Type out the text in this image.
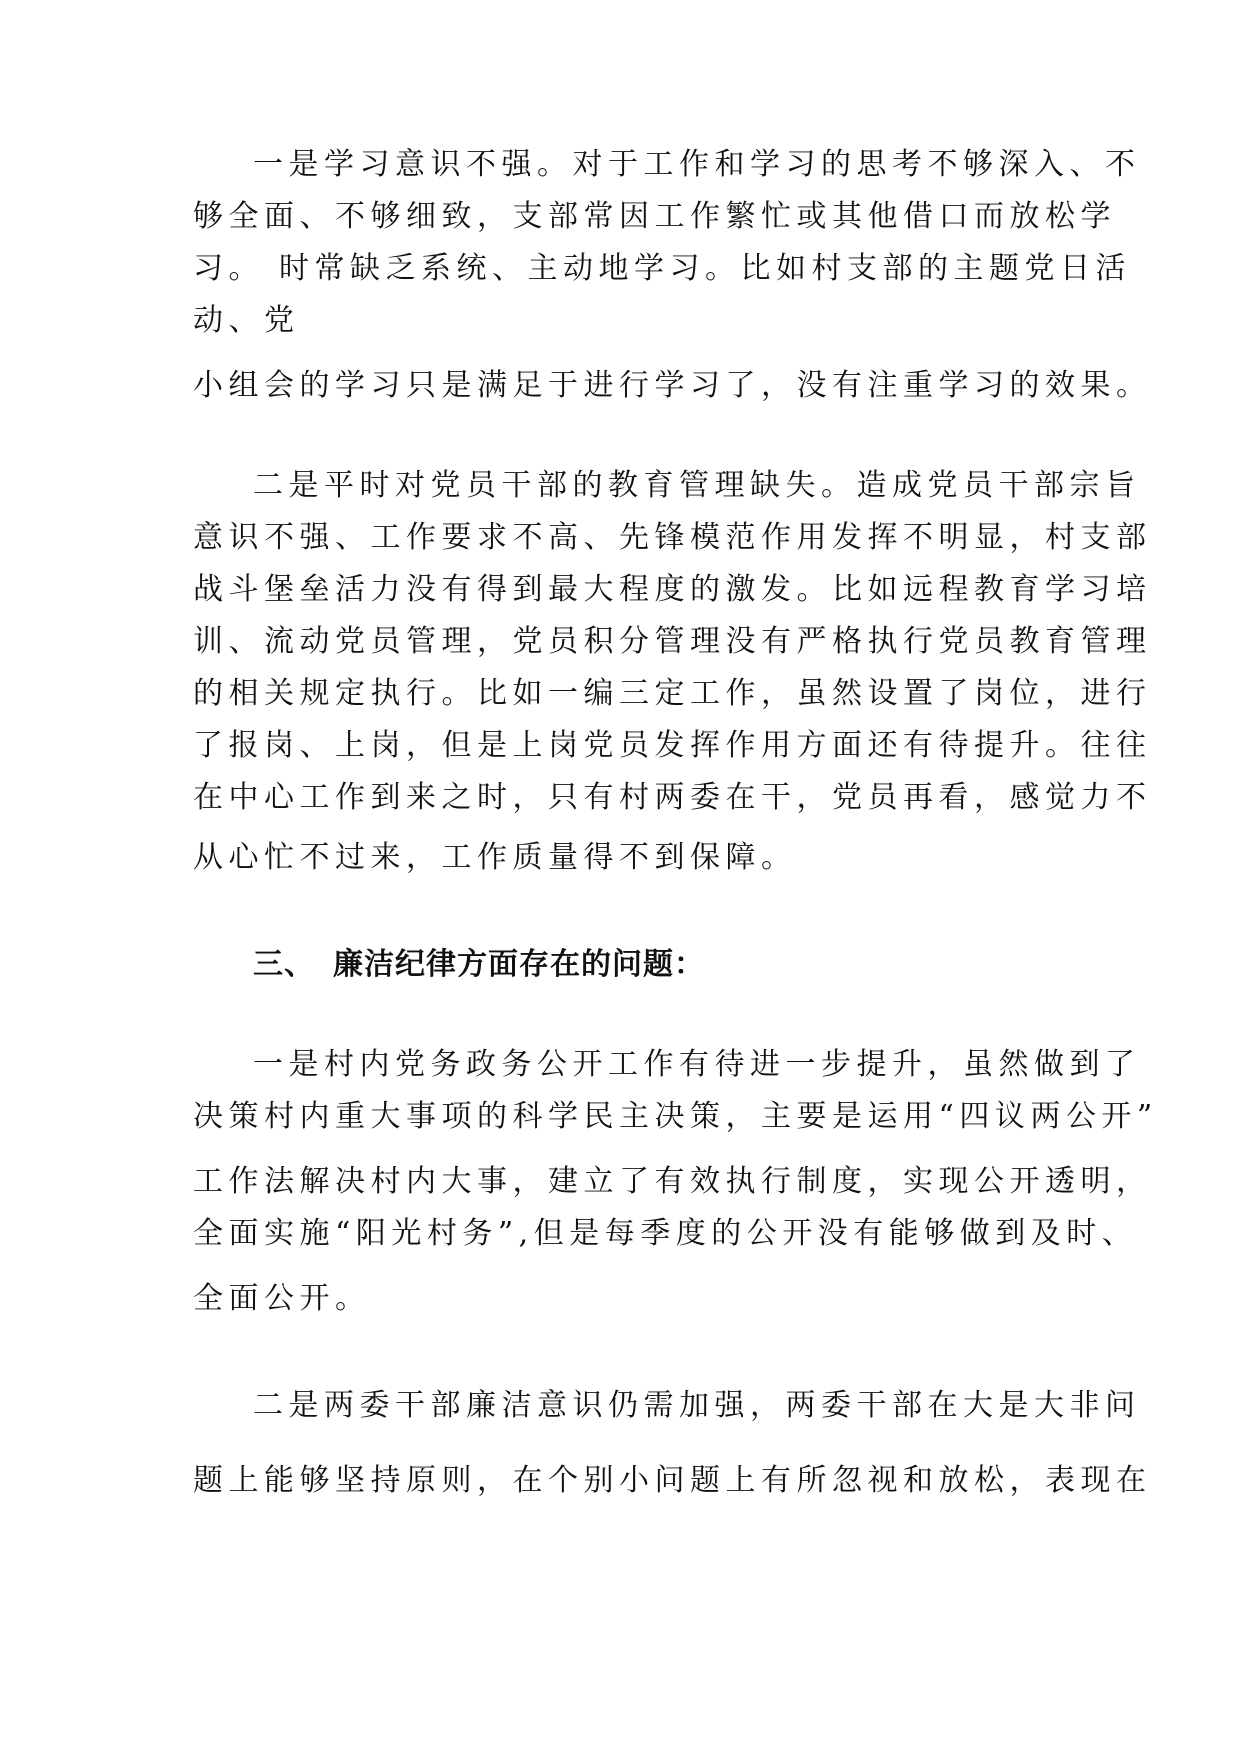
一是学习意识不强。对于工作和学习的思考不够深入、不
够全面、不够细致，支部常因工作繁忙或其他借口而放松学
习。 时常缺乏系统、主动地学习。比如村支部的主题党日活
动、党
小组会的学习只是满足于进行学习了，没有注重学习的效果。
二是平时对党员干部的教育管理缺失。造成党员干部宗旨
意识不强、工作要求不高、先锋模范作用发挥不明显，村支部
战斗堡垒活力没有得到最大程度的激发。比如远程教育学习培
训、流动党员管理，党员积分管理没有严格执行党员教育管理
的相关规定执行。比如一编三定工作，虽然设置了岗位，进行
了报岗、上岗，但是上岗党员发挥作用方面还有待提升。往往
在中心工作到来之时，只有村两委在干，党员再看，感觉力不
从心忙不过来，工作质量得不到保障。
三、 廉洁纪律方面存在的问题：
一是村内党务政务公开工作有待进一步提升，虽然做到了
决策村内重大事项的科学民主决策，主要是运用“四议两公开”
工作法解决村内大事，建立了有效执行制度，实现公开透明，
全面实施“阳光村务”,但是每季度的公开没有能够做到及时、
全面公开。
二是两委干部廉洁意识仍需加强，两委干部在大是大非问
题上能够坚持原则，在个别小问题上有所忽视和放松，表现在
